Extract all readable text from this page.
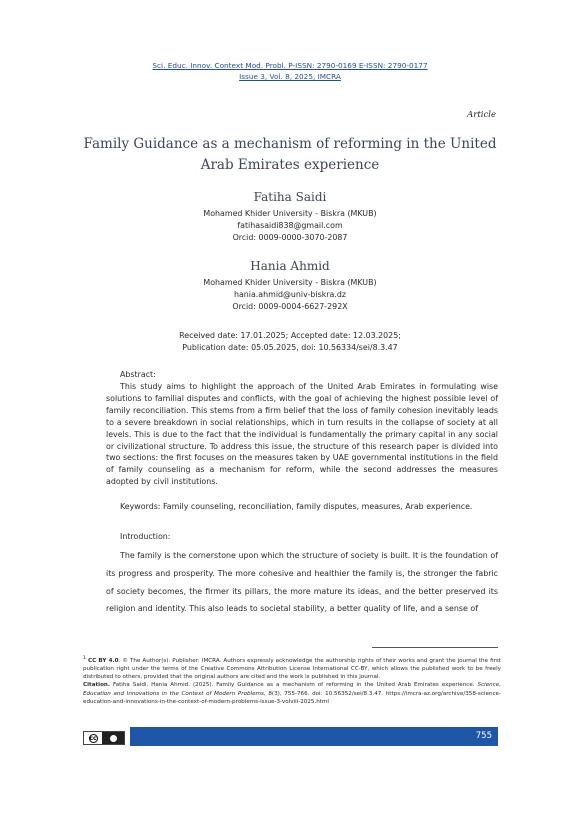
Sci. Educ. Innov. Context Mod. Probl. P-ISSN: 2790-0169 E-ISSN: 2790-0177
Issue 3, Vol. 8, 2025, IMCRA
Article
Family Guidance as a mechanism of reforming in the United Arab Emirates experience
Fatiha Saidi
Mohamed Khider University - Biskra (MKUB)
fatihasaidi838@gmail.com
Orcid: 0009-0000-3070-2087
Hania Ahmid
Mohamed Khider University - Biskra (MKUB)
hania.ahmid@univ-biskra.dz
Orcid: 0009-0004-6627-292X
Received date: 17.01.2025; Accepted date: 12.03.2025;
Publication date: 05.05.2025, doi: 10.56334/sei/8.3.47
Abstract:
This study aims to highlight the approach of the United Arab Emirates in formulating wise solutions to familial disputes and conflicts, with the goal of achieving the highest possible level of family reconciliation. This stems from a firm belief that the loss of family cohesion inevitably leads to a severe breakdown in social relationships, which in turn results in the collapse of society at all levels. This is due to the fact that the individual is fundamentally the primary capital in any social or civilizational structure. To address this issue, the structure of this research paper is divided into two sections: the first focuses on the measures taken by UAE governmental institutions in the field of family counseling as a mechanism for reform, while the second addresses the measures adopted by civil institutions.
Keywords: Family counseling, reconciliation, family disputes, measures, Arab experience.
Introduction:
The family is the cornerstone upon which the structure of society is built. It is the foundation of its progress and prosperity. The more cohesive and healthier the family is, the stronger the fabric of society becomes, the firmer its pillars, the more mature its ideas, and the better preserved its religion and identity. This also leads to societal stability, a better quality of life, and a sense of
$^1$ CC BY 4.0. © The Author(s). Publisher: IMCRA. Authors expressly acknowledge the authorship rights of their works and grant the journal the first publication right under the terms of the Creative Commons Attribution License International CC-BY, which allows the published work to be freely distributed to others, provided that the original authors are cited and the work is published in this journal.
Citation. Fatiha Saidi, Hania Ahmid. (2025). Family Guidance as a mechanism of reforming in the United Arab Emirates experience. Science, Education and Innovations in the Context of Modern Problems, 8(3), 755-766. doi: 10.56352/sei/8.3.47. https://imcra-az.org/archive/358-science-education-and-innovations-in-the-context-of-modern-problems-issue-3-volviii-2025.html
cc	755
